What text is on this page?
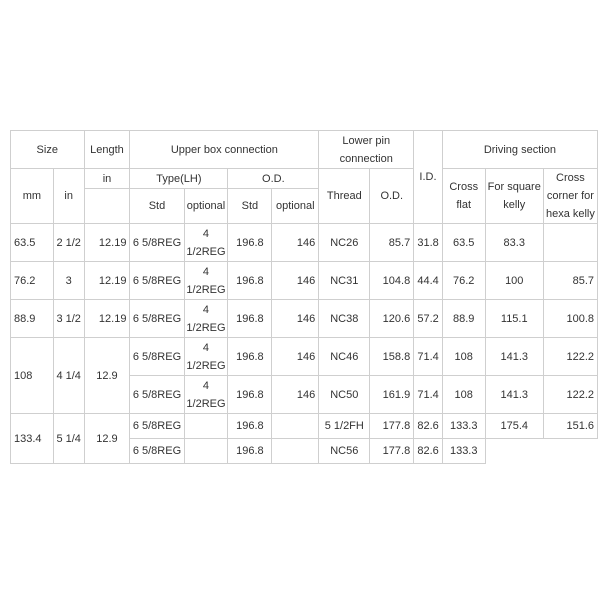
Size		Length	Upper box connection				Lower pin connection		I.D.	Driving section		
mm	in	in	Type(LH)		O.D.		Thread	O.D.		Cross flat	For square kelly	Cross corner for hexa kelly
			Std	optional	Std	optional						
63.5	2 1/2	12.19	6 5/8REG	4 1/2REG	196.8	146	NC26	85.7	31.8	63.5	83.3	
76.2	3	12.19	6 5/8REG	4 1/2REG	196.8	146	NC31	104.8	44.4	76.2	100	85.7
88.9	3 1/2	12.19	6 5/8REG	4 1/2REG	196.8	146	NC38	120.6	57.2	88.9	115.1	100.8
108	4 1/4	12.9	6 5/8REG	4 1/2REG	196.8	146	NC46	158.8	71.4	108	141.3	122.2
			6 5/8REG	4 1/2REG	196.8	146	NC50	161.9	71.4	108	141.3	122.2
133.4	5 1/4	12.9	6 5/8REG		196.8		5 1/2FH	177.8	82.6	133.3	175.4	151.6
			6 5/8REG		196.8		NC56	177.8	82.6	133.3		
